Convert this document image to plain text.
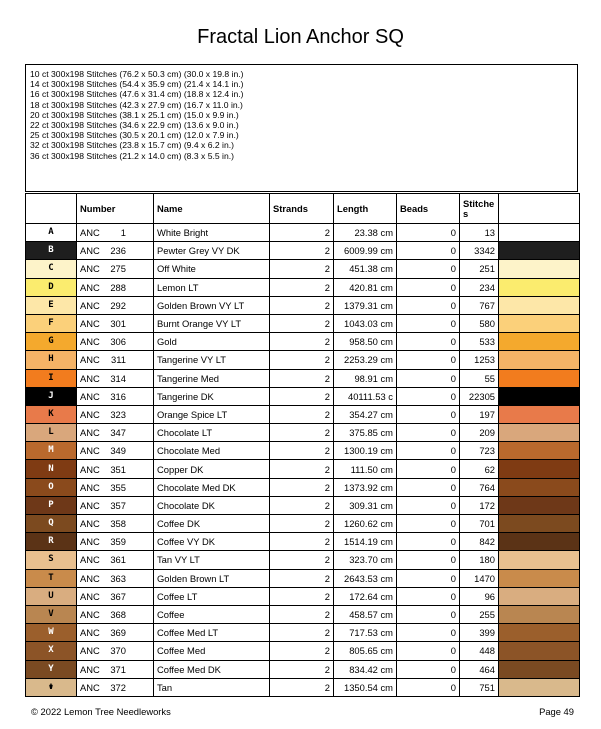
Fractal Lion Anchor SQ
10 ct 300x198 Stitches (76.2 x 50.3 cm) (30.0 x 19.8 in.)
14 ct 300x198 Stitches (54.4 x 35.9 cm) (21.4 x 14.1 in.)
16 ct 300x198 Stitches (47.6 x 31.4 cm) (18.8 x 12.4 in.)
18 ct 300x198 Stitches (42.3 x 27.9 cm) (16.7 x 11.0 in.)
20 ct 300x198 Stitches (38.1 x 25.1 cm) (15.0 x 9.9 in.)
22 ct 300x198 Stitches (34.6 x 22.9 cm) (13.6 x 9.0 in.)
25 ct 300x198 Stitches (30.5 x 20.1 cm) (12.0 x 7.9 in.)
32 ct 300x198 Stitches (23.8 x 15.7 cm) (9.4 x 6.2 in.)
36 ct 300x198 Stitches (21.2 x 14.0 cm) (8.3 x 5.5 in.)
	Number	Name	Strands	Length	Beads	Stitches	
A	ANC 1	White Bright	2	23.38 cm	0	13	
B	ANC 236	Pewter Grey VY DK	2	6009.99 cm	0	3342	
C	ANC 275	Off White	2	451.38 cm	0	251	
D	ANC 288	Lemon LT	2	420.81 cm	0	234	
E	ANC 292	Golden Brown VY LT	2	1379.31 cm	0	767	
F	ANC 301	Burnt Orange VY LT	2	1043.03 cm	0	580	
G	ANC 306	Gold	2	958.50 cm	0	533	
H	ANC 311	Tangerine VY LT	2	2253.29 cm	0	1253	
I	ANC 314	Tangerine Med	2	98.91 cm	0	55	
J	ANC 316	Tangerine DK	2	40111.53 c	0	22305	
K	ANC 323	Orange Spice LT	2	354.27 cm	0	197	
L	ANC 347	Chocolate LT	2	375.85 cm	0	209	
M	ANC 349	Chocolate Med	2	1300.19 cm	0	723	
N	ANC 351	Copper DK	2	111.50 cm	0	62	
O	ANC 355	Chocolate Med DK	2	1373.92 cm	0	764	
P	ANC 357	Chocolate DK	2	309.31 cm	0	172	
Q	ANC 358	Coffee DK	2	1260.62 cm	0	701	
R	ANC 359	Coffee VY DK	2	1514.19 cm	0	842	
S	ANC 361	Tan VY LT	2	323.70 cm	0	180	
T	ANC 363	Golden Brown LT	2	2643.53 cm	0	1470	
U	ANC 367	Coffee LT	2	172.64 cm	0	96	
V	ANC 368	Coffee	2	458.57 cm	0	255	
W	ANC 369	Coffee Med LT	2	717.53 cm	0	399	
X	ANC 370	Coffee Med	2	805.65 cm	0	448	
Y	ANC 371	Coffee Med DK	2	834.42 cm	0	464	
⚱	ANC 372	Tan	2	1350.54 cm	0	751	
© 2022 Lemon Tree Needleworks	Page 49
